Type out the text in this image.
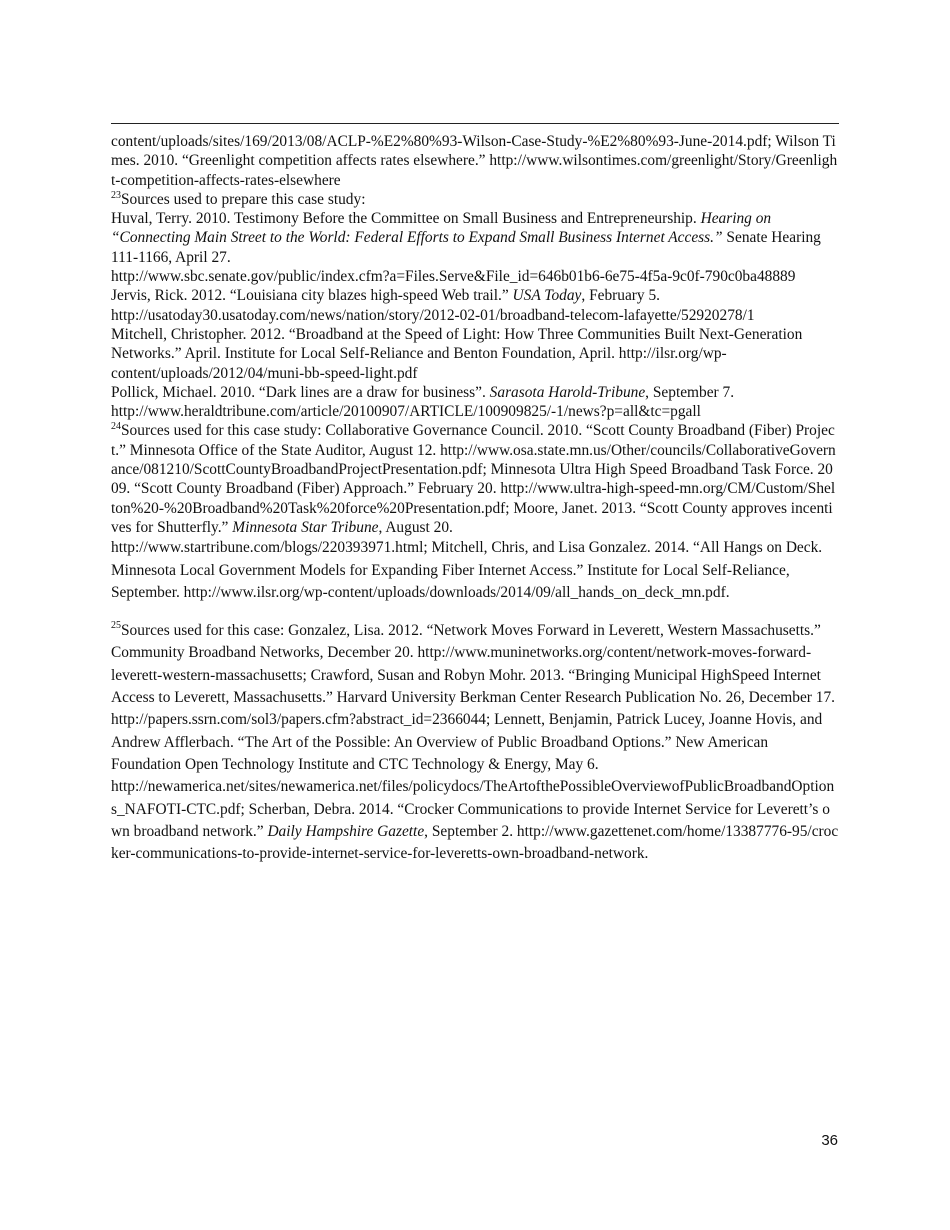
content/uploads/sites/169/2013/08/ACLP-%E2%80%93-Wilson-Case-Study-%E2%80%93-June-2014.pdf; Wilson Times. 2010. “Greenlight competition affects rates elsewhere.” http://www.wilsontimes.com/greenlight/Story/Greenlight-competition-affects-rates-elsewhere

$^{23}$Sources used to prepare this case study:

Huval, Terry. 2010. Testimony Before the Committee on Small Business and Entrepreneurship. Hearing on “Connecting Main Street to the World: Federal Efforts to Expand Small Business Internet Access.” Senate Hearing 111-1166, April 27.

http://www.sbc.senate.gov/public/index.cfm?a=Files.Serve&File_id=646b01b6-6e75-4f5a-9c0f-790c0ba48889

Jervis, Rick. 2012. “Louisiana city blazes high-speed Web trail.” USA Today, February 5.

http://usatoday30.usatoday.com/news/nation/story/2012-02-01/broadband-telecom-lafayette/52920278/1

Mitchell, Christopher. 2012. “Broadband at the Speed of Light: How Three Communities Built Next-Generation Networks.” April. Institute for Local Self-Reliance and Benton Foundation, April. http://ilsr.org/wp-content/uploads/2012/04/muni-bb-speed-light.pdf

Pollick, Michael. 2010. “Dark lines are a draw for business”. Sarasota Harold-Tribune, September 7.

http://www.heraldtribune.com/article/20100907/ARTICLE/100909825/-1/news?p=all&tc=pgall

$^{24}$Sources used for this case study: Collaborative Governance Council. 2010. “Scott County Broadband (Fiber) Project.” Minnesota Office of the State Auditor, August 12. http://www.osa.state.mn.us/Other/councils/CollaborativeGovernance/081210/ScottCountyBroadbandProjectPresentation.pdf; Minnesota Ultra High Speed Broadband Task Force. 2009. “Scott County Broadband (Fiber) Approach.” February 20. http://www.ultra-high-speed-mn.org/CM/Custom/Shelton%20-%20Broadband%20Task%20force%20Presentation.pdf; Moore, Janet. 2013. “Scott County approves incentives for Shutterfly.” Minnesota Star Tribune, August 20.

http://www.startribune.com/blogs/220393971.html; Mitchell, Chris, and Lisa Gonzalez. 2014. “All Hangs on Deck. Minnesota Local Government Models for Expanding Fiber Internet Access.” Institute for Local Self-Reliance, September. http://www.ilsr.org/wp-content/uploads/downloads/2014/09/all_hands_on_deck_mn.pdf.

$^{25}$Sources used for this case: Gonzalez, Lisa. 2012. “Network Moves Forward in Leverett, Western Massachusetts.” Community Broadband Networks, December 20. http://www.muninetworks.org/content/network-moves-forward-leverett-western-massachusetts; Crawford, Susan and Robyn Mohr. 2013. “Bringing Municipal HighSpeed Internet Access to Leverett, Massachusetts.” Harvard University Berkman Center Research Publication No. 26, December 17.

http://papers.ssrn.com/sol3/papers.cfm?abstract_id=2366044; Lennett, Benjamin, Patrick Lucey, Joanne Hovis, and Andrew Afflerbach. “The Art of the Possible: An Overview of Public Broadband Options.” New American Foundation Open Technology Institute and CTC Technology & Energy, May 6.

http://newamerica.net/sites/newamerica.net/files/policydocs/TheArtofthePossibleOverviewofPublicBroadbandOptions_NAFOTI-CTC.pdf; Scherban, Debra. 2014. “Crocker Communications to provide Internet Service for Leverett’s own broadband network.” Daily Hampshire Gazette, September 2. http://www.gazettenet.com/home/13387776-95/crocker-communications-to-provide-internet-service-for-leveretts-own-broadband-network.

36
